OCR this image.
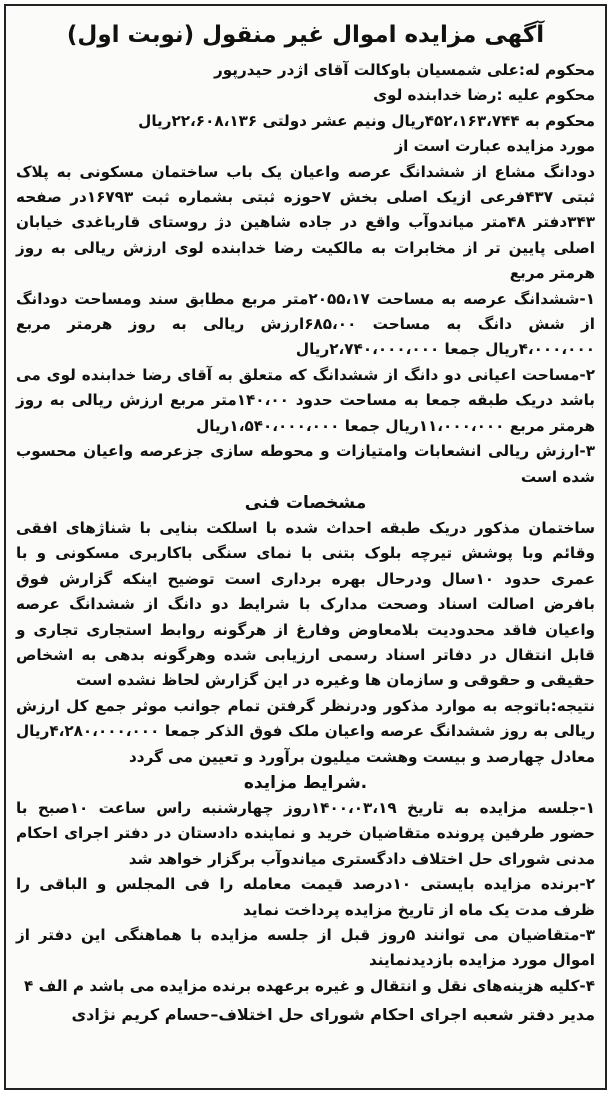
آگهی مزایده اموال غیر منقول (نوبت اول)
محکوم له:علی شمسیان باوکالت آقای اژدر حیدرپور
محکوم علیه :رضا خدابنده لوی
محکوم به ۴۵۲،۱۶۳،۷۴۴ریال ونیم عشر دولتی ۲۲،۶۰۸،۱۳۶ریال
مورد مزایده عبارت است از

دودانگ مشاع از ششدانگ عرصه واعیان یک باب ساختمان مسکونی به پلاک ثبتی ۴۳۷فرعی ازیک اصلی بخش ۷حوزه ثبتی بشماره ثبت ۱۶۷۹۳در صفحه ۳۴۳دفتر ۴۸متر میاندوآب واقع در جاده شاهین دژ روستای قارباغدی خیابان اصلی پایین تر از مخابرات به مالکیت رضا خدابنده لوی ارزش ریالی به روز هرمتر مربع

۱-ششدانگ عرصه به مساحت ۲۰۵۵،۱۷متر مربع مطابق سند ومساحت دودانگ از شش دانگ به مساحت ۶۸۵،۰۰ارزش ریالی به روز هرمتر مربع ۴،۰۰۰،۰۰۰ریال جمعا ۲،۷۴۰،۰۰۰،۰۰۰ریال

۲-مساحت اعیانی دو دانگ از ششدانگ که متعلق به آقای رضا خدابنده لوی می باشد دریک طبقه جمعا به مساحت حدود ۱۴۰،۰۰متر مربع ارزش ریالی به روز هرمتر مربع ۱۱،۰۰۰،۰۰۰ریال جمعا ۱،۵۴۰،۰۰۰،۰۰۰ریال

۳-ارزش ریالی انشعابات وامتیازات و محوطه سازی جزعرصه واعیان محسوب شده است

مشخصات فنی

ساختمان مذکور دریک طبقه احداث شده با اسلکت بنایی با شناژهای افقی وقائم وبا پوشش تیرچه بلوک بتنی با نمای سنگی باکاربری مسکونی و با عمری حدود ۱۰سال ودرحال بهره برداری است توضیح اینکه گزارش فوق بافرض اصالت اسناد وصحت مدارک با شرایط دو دانگ از ششدانگ عرصه واعیان فاقد محدودیت بلامعاوض وفارغ از هرگونه روابط استجاری تجاری و قابل انتقال در دفاتر اسناد رسمی ارزیابی شده وهرگونه بدهی به اشخاص حقیقی و حقوقی و سازمان ها وغیره در این گزارش لحاظ نشده است

نتیجه:باتوجه به موارد مذکور ودرنظر گرفتن تمام جوانب موثر جمع کل ارزش ریالی به روز ششدانگ عرصه واعیان ملک فوق الذکر جمعا ۴،۲۸۰،۰۰۰،۰۰۰ریال معادل چهارصد و بیست وهشت میلیون برآورد و تعیین می گردد

.شرایط مزایده

۱-جلسه مزایده به تاریخ ۱۴۰۰،۰۳،۱۹روز چهارشنبه راس ساعت ۱۰صبح با حضور طرفین پرونده متقاضیان خرید و نماینده دادستان در دفتر اجرای احکام مدنی شورای حل اختلاف دادگستری میاندوآب برگزار خواهد شد

۲-برنده مزایده بایستی ۱۰درصد قیمت معامله را فی المجلس و الباقی را ظرف مدت یک ماه از تاریخ مزایده پرداخت نماید

۳-متقاضیان می توانند ۵روز قبل از جلسه مزایده با هماهنگی این دفتر از اموال مورد مزایده بازدیدنمایند

۴-کلیه هزینه‌های نقل و انتقال و غیره برعهده برنده مزایده می باشد م الف ۴

مدیر دفتر شعبه اجرای احکام شورای حل اختلاف–حسام کریم نژادی
